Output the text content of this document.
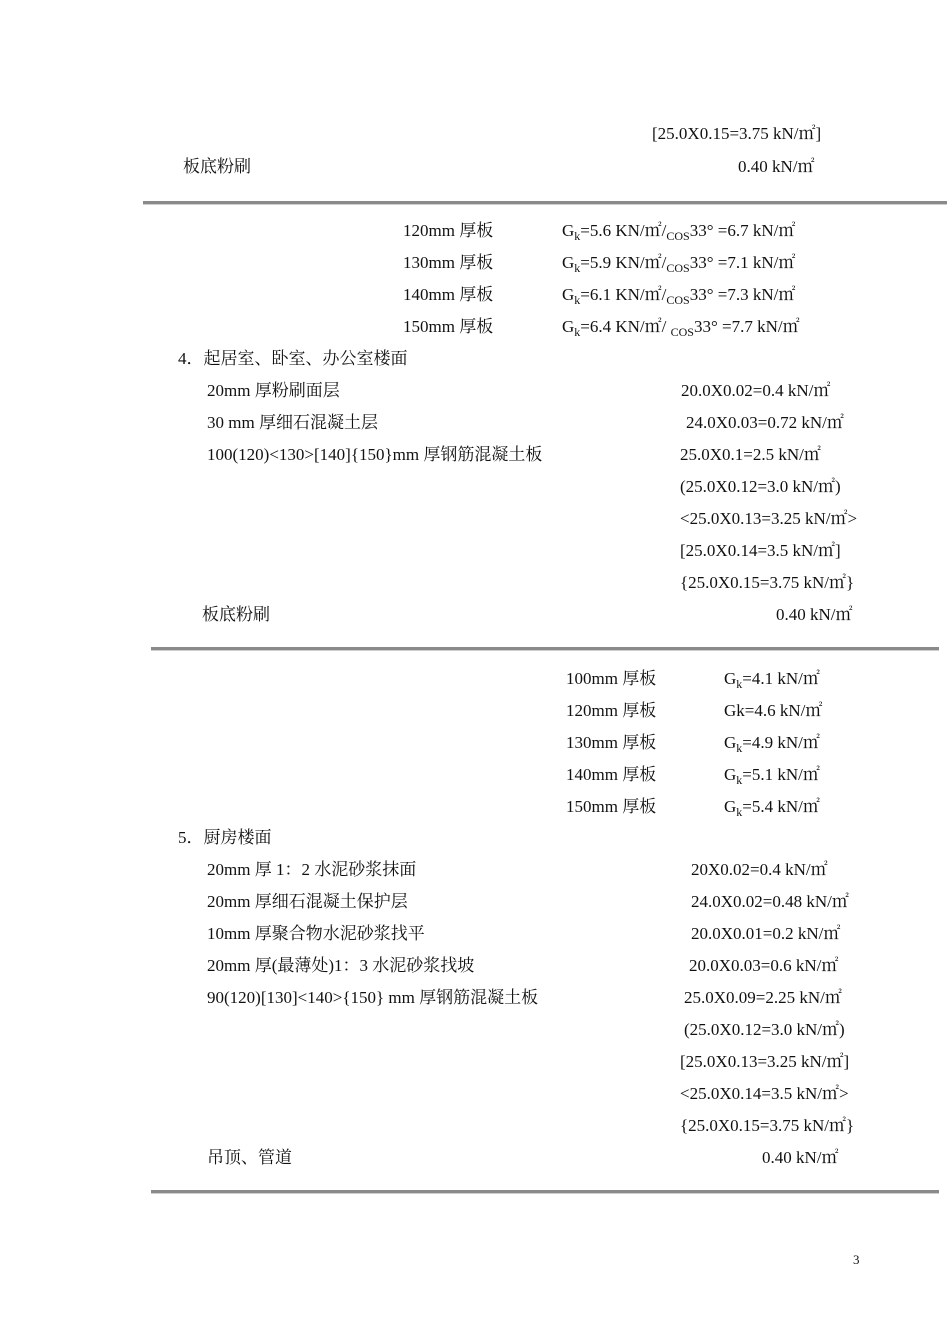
[25.0X0.15=3.75 kN/㎡]
板底粉刷	0.40 kN/㎡
120mm 厚板	$G_k=5.6$ $KN/㎡/_{COS}33^\circ =6.7$ kN/㎡
130mm 厚板	$G_k=5.9$ $KN/㎡/_{COS}33^\circ =7.1$ kN/㎡
140mm 厚板	$G_k=6.1$ $KN/㎡/_{COS}33^\circ =7.3$ kN/㎡
150mm 厚板	$G_k=6.4$ KN/㎡/ $_{COS}$33° =7.7 kN/㎡
4．起居室、卧室、办公室楼面
20mm 厚粉刷面层	20.0X0.02=0.4 kN/㎡
30 mm 厚细石混凝土层	24.0X0.03=0.72 kN/㎡
100(120)<130>[140]{150}mm 厚钢筋混凝土板	25.0X0.1=2.5 kN/㎡
(25.0X0.12=3.0 kN/㎡)
<25.0X0.13=3.25 kN/㎡>
[25.0X0.14=3.5 kN/㎡]
{25.0X0.15=3.75 kN/㎡}
板底粉刷	0.40 kN/㎡
100mm 厚板	$G_k=4.1$ kN/㎡
120mm 厚板	Gk=4.6 kN/㎡
130mm 厚板	$G_k=4.9$ kN/㎡
140mm 厚板	$G_k=5.1$ kN/㎡
150mm 厚板	$G_k=5.4$ kN/㎡
5．厨房楼面
20mm 厚 1：2 水泥砂浆抹面	20X0.02=0.4 kN/㎡
20mm 厚细石混凝土保护层	24.0X0.02=0.48 kN/㎡
10mm 厚聚合物水泥砂浆找平	20.0X0.01=0.2 kN/㎡
20mm 厚(最薄处)1：3 水泥砂浆找坡	20.0X0.03=0.6 kN/㎡
90(120)[130]<140>{150} mm 厚钢筋混凝土板	25.0X0.09=2.25 kN/㎡
(25.0X0.12=3.0 kN/㎡)
[25.0X0.13=3.25 kN/㎡]
<25.0X0.14=3.5 kN/㎡>
{25.0X0.15=3.75 kN/㎡}
吊顶、管道	0.40 kN/㎡
3
